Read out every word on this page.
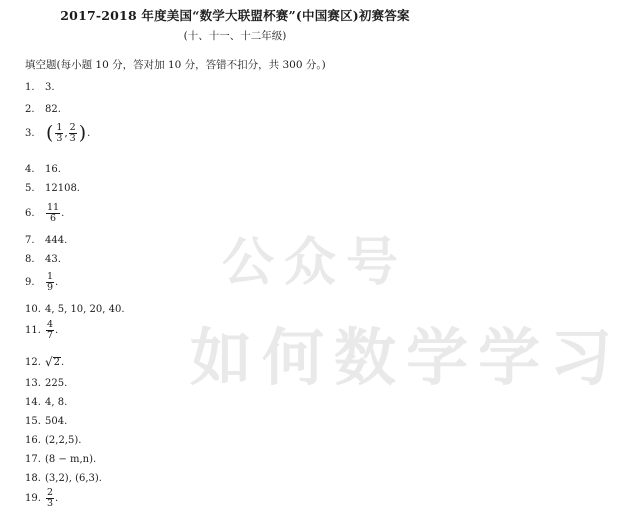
2017-2018 年度美国“数学大联盟杯赛”(中国赛区)初赛答案
(十、十一、十二年级)
填空题(每小题 10 分，答对加 10 分，答错不扣分，共 300 分。)
公众号
如何数学学习
1.	3.
2.	82.
3. ( $\frac{1}{3}$ , $\frac{2}{3}$ ) .
4.	16.
5.	12108.
6.	$\frac{11}{6}$ .
7.	444.
8.	43.
9.	$\frac{1}{9}$ .
10. 4, 5, 10, 20, 40.
11. $\frac{4}{7}$ .
12. √ 2 .
13. 225.
14. 4, 8.
15. 504.
16. (2,2,5).
17. (8 − m,n).
18. (3,2), (6,3).
19. $\frac{2}{3}$ .
